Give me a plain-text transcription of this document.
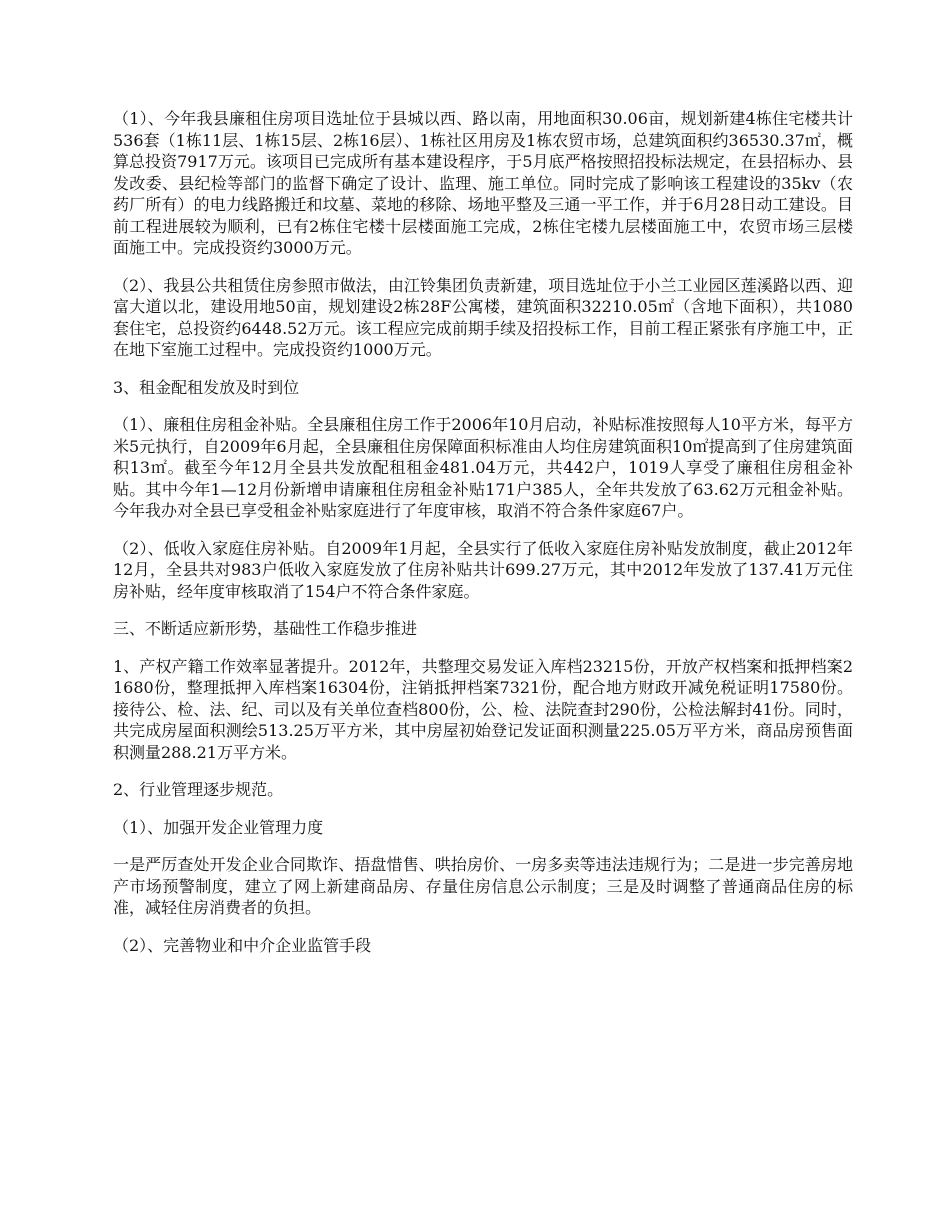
（1）、今年我县廉租住房项目选址位于县城以西、路以南，用地面积30.06亩，规划新建4栋住宅楼共计536套（1栋11层、1栋15层、2栋16层）、1栋社区用房及1栋农贸市场，总建筑面积约36530.37㎡，概算总投资7917万元。该项目已完成所有基本建设程序，于5月底严格按照招投标法规定，在县招标办、县发改委、县纪检等部门的监督下确定了设计、监理、施工单位。同时完成了影响该工程建设的35kv（农药厂所有）的电力线路搬迁和坟墓、菜地的移除、场地平整及三通一平工作，并于6月28日动工建设。目前工程进展较为顺利，已有2栋住宅楼十层楼面施工完成，2栋住宅楼九层楼面施工中，农贸市场三层楼面施工中。完成投资约3000万元。

（2）、我县公共租赁住房参照市做法，由江铃集团负责新建，项目选址位于小兰工业园区莲溪路以西、迎富大道以北，建设用地50亩，规划建设2栋28F公寓楼，建筑面积32210.05㎡（含地下面积），共1080套住宅，总投资约6448.52万元。该工程应完成前期手续及招投标工作，目前工程正紧张有序施工中，正在地下室施工过程中。完成投资约1000万元。

3、租金配租发放及时到位

（1）、廉租住房租金补贴。全县廉租住房工作于2006年10月启动，补贴标准按照每人10平方米，每平方米5元执行，自2009年6月起，全县廉租住房保障面积标准由人均住房建筑面积10㎡提高到了住房建筑面积13㎡。截至今年12月全县共发放配租租金481.04万元，共442户，1019人享受了廉租住房租金补贴。其中今年1—12月份新增申请廉租住房租金补贴171户385人，全年共发放了63.62万元租金补贴。今年我办对全县已享受租金补贴家庭进行了年度审核，取消不符合条件家庭67户。

（2）、低收入家庭住房补贴。自2009年1月起，全县实行了低收入家庭住房补贴发放制度，截止2012年12月，全县共对983户低收入家庭发放了住房补贴共计699.27万元，其中2012年发放了137.41万元住房补贴，经年度审核取消了154户不符合条件家庭。

三、不断适应新形势，基础性工作稳步推进

1、产权产籍工作效率显著提升。2012年，共整理交易发证入库档23215份，开放产权档案和抵押档案21680份，整理抵押入库档案16304份，注销抵押档案7321份，配合地方财政开减免税证明17580份。接待公、检、法、纪、司以及有关单位查档800份，公、检、法院查封290份，公检法解封41份。同时，共完成房屋面积测绘513.25万平方米，其中房屋初始登记发证面积测量225.05万平方米，商品房预售面积测量288.21万平方米。

2、行业管理逐步规范。

（1）、加强开发企业管理力度

一是严厉查处开发企业合同欺诈、捂盘惜售、哄抬房价、一房多卖等违法违规行为；二是进一步完善房地产市场预警制度，建立了网上新建商品房、存量住房信息公示制度；三是及时调整了普通商品住房的标准，减轻住房消费者的负担。

（2）、完善物业和中介企业监管手段
